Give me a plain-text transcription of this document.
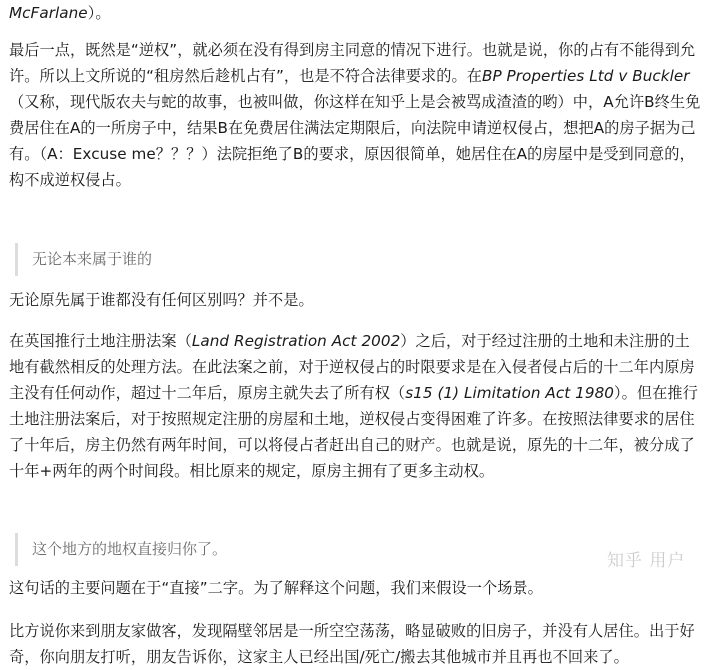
McFarlane）。

最后一点，既然是“逆权”，就必须在没有得到房主同意的情况下进行。也就是说，你的占有不能得到允许。所以上文所说的“租房然后趁机占有”，也是不符合法律要求的。在BP Properties Ltd v Buckler（又称，现代版农夫与蛇的故事，也被叫做，你这样在知乎上是会被骂成渣渣的哟）中，A允许B终生免费居住在A的一所房子中，结果B在免费居住满法定期限后，向法院申请逆权侵占，想把A的房子据为己有。（A：Excuse me？？？）法院拒绝了B的要求，原因很简单，她居住在A的房屋中是受到同意的，构不成逆权侵占。

无论本来属于谁的

无论原先属于谁都没有任何区别吗？并不是。

在英国推行土地注册法案（Land Registration Act 2002）之后，对于经过注册的土地和未注册的土地有截然相反的处理方法。在此法案之前，对于逆权侵占的时限要求是在入侵者侵占后的十二年内原房主没有任何动作，超过十二年后，原房主就失去了所有权（s15 (1) Limitation Act 1980）。但在推行土地注册法案后，对于按照规定注册的房屋和土地，逆权侵占变得困难了许多。在按照法律要求的居住了十年后，房主仍然有两年时间，可以将侵占者赶出自己的财产。也就是说，原先的十二年，被分成了十年+两年的两个时间段。相比原来的规定，原房主拥有了更多主动权。

这个地方的地权直接归你了。

这句话的主要问题在于“直接”二字。为了解释这个问题，我们来假设一个场景。

比方说你来到朋友家做客，发现隔壁邻居是一所空空荡荡，略显破败的旧房子，并没有人居住。出于好奇，你向朋友打听，朋友告诉你，这家主人已经出国/死亡/搬去其他城市并且再也不回来了。

知乎 用户
